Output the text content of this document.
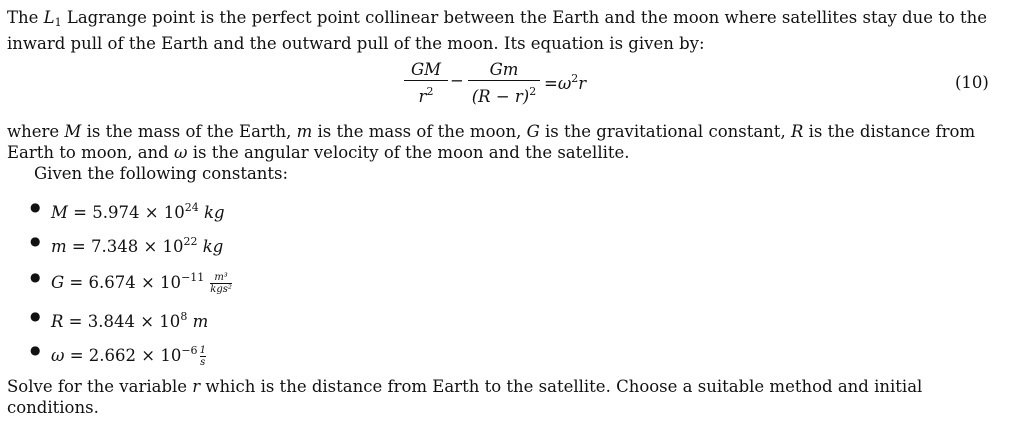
The $L_1$ Lagrange point is the perfect point collinear between the Earth and the moon where satellites stay due to the inward pull of the Earth and the outward pull of the moon. Its equation is given by:
GM
$r^2$
−
Gm
$(R - r)^2 =\omega^2r$	(10)
where M is the mass of the Earth, m is the mass of the moon, G is the gravitational constant, R is the distance from Earth to moon, and ω is the angular velocity of the moon and the satellite.
Given the following constants:
● $M = 5.974 \times 10^{24}$ kg
● $m = 7.348 \times 10^{22}$ kg
● $G = 6.674 \times 10^{-11}$	m³
kgs²
● $R = 3.844 \times 10^8$ m
● $\omega = 2.662 \times 10^{-6} \frac{1}{s}$
Solve for the variable r which is the distance from Earth to the satellite. Choose a suitable method and initial conditions.
